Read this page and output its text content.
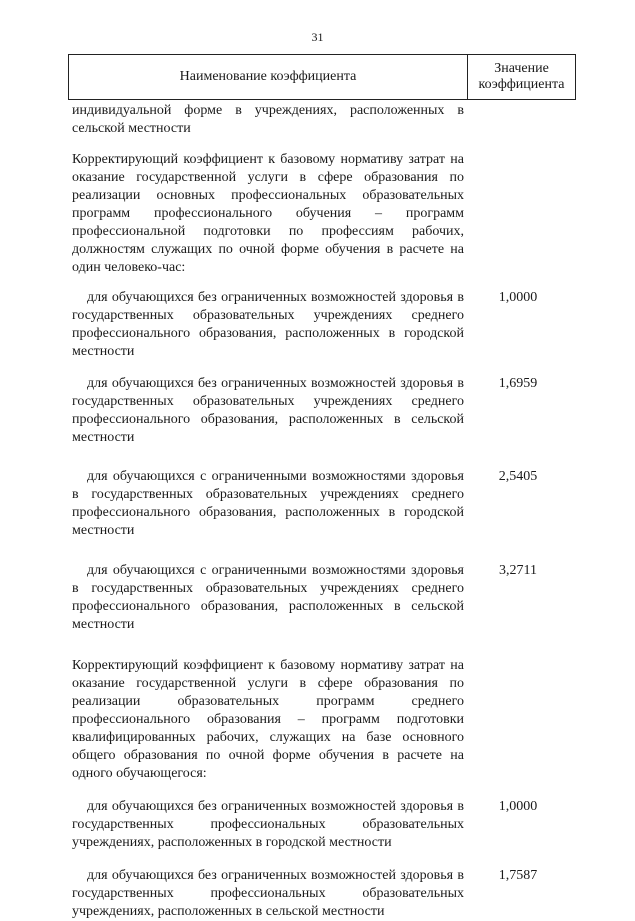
31
Наименование коэффициента
Значение
коэффициента

индивидуальной форме в учреждениях, расположенных в сельской местности

Корректирующий коэффициент к базовому нормативу затрат на оказание государственной услуги в сфере образования по реализации основных профессиональных образовательных программ профессионального обучения – программ профессиональной подготовки по профессиям рабочих, должностям служащих по очной форме обучения в расчете на один человеко-час:

для обучающихся без ограниченных возможностей здоровья в государственных образовательных учреждениях среднего профессионального образования, расположенных в городской местности

1,0000

для обучающихся без ограниченных возможностей здоровья в государственных образовательных учреждениях среднего профессионального образования, расположенных в сельской местности

1,6959

для обучающихся с ограниченными возможностями здоровья в государственных образовательных учреждениях среднего профессионального образования, расположенных в городской местности

2,5405

для обучающихся с ограниченными возможностями здоровья в государственных образовательных учреждениях среднего профессионального образования, расположенных в сельской местности

3,2711

Корректирующий коэффициент к базовому нормативу затрат на оказание государственной услуги в сфере образования по реализации образовательных программ среднего профессионального образования – программ подготовки квалифицированных рабочих, служащих на базе основного общего образования по очной форме обучения в расчете на одного обучающегося:

для обучающихся без ограниченных возможностей здоровья в государственных профессиональных образовательных учреждениях, расположенных в городской местности

1,0000

для обучающихся без ограниченных возможностей здоровья в государственных профессиональных образовательных учреждениях, расположенных в сельской местности

1,7587
